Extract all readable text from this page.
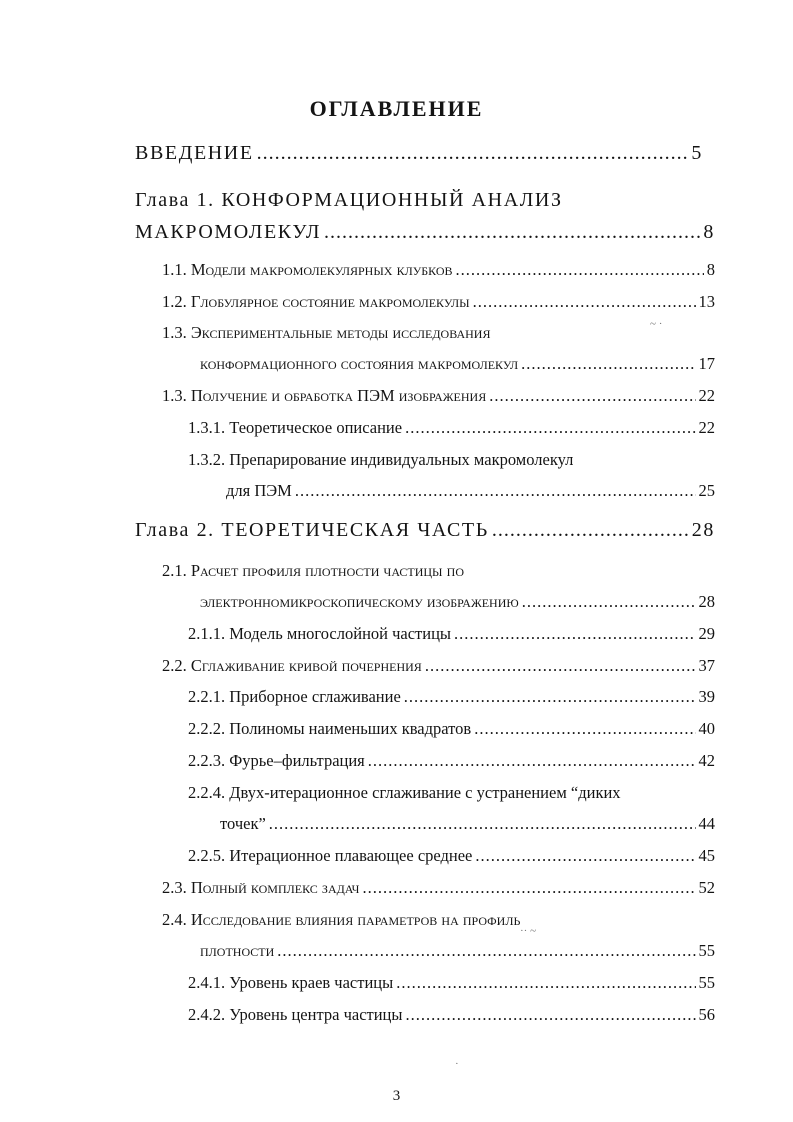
ОГЛАВЛЕНИЕ
ВВЕДЕНИЕ .....	5
Глава 1. КОНФОРМАЦИОННЫЙ АНАЛИЗ
МАКРОМОЛЕКУЛ .....	8
1.1. Модели макромолекулярных клубков .....	8
1.2. Глобулярное состояние макромолекулы .....	13
1.3. Экспериментальные методы исследования
конформационного состояния макромолекул .....	17
1.3. Получение и обработка ПЭМ изображения .....	22
1.3.1. Теоретическое описание .....	22
1.3.2. Препарирование индивидуальных макромолекул
для ПЭМ .....	25
Глава 2. ТЕОРЕТИЧЕСКАЯ ЧАСТЬ .....	28
2.1. Расчет профиля плотности частицы по
электронномикроскопическому изображению .....	28
2.1.1. Модель многослойной частицы .....	29
2.2. Сглаживание кривой почернения .....	37
2.2.1. Приборное сглаживание .....	39
2.2.2. Полиномы наименьших квадратов .....	40
2.2.3. Фурье–фильтрация .....	42
2.2.4. Двух-итерационное сглаживание с устранением “диких
точек” .....	44
2.2.5. Итерационное плавающее среднее .....	45
2.3. Полный комплекс задач .....	52
2.4. Исследование влияния параметров на профиль
плотности .....	55
2.4.1. Уровень краев частицы .....	55
2.4.2. Уровень центра частицы .....	56
~ ·
·· ~
·
3
